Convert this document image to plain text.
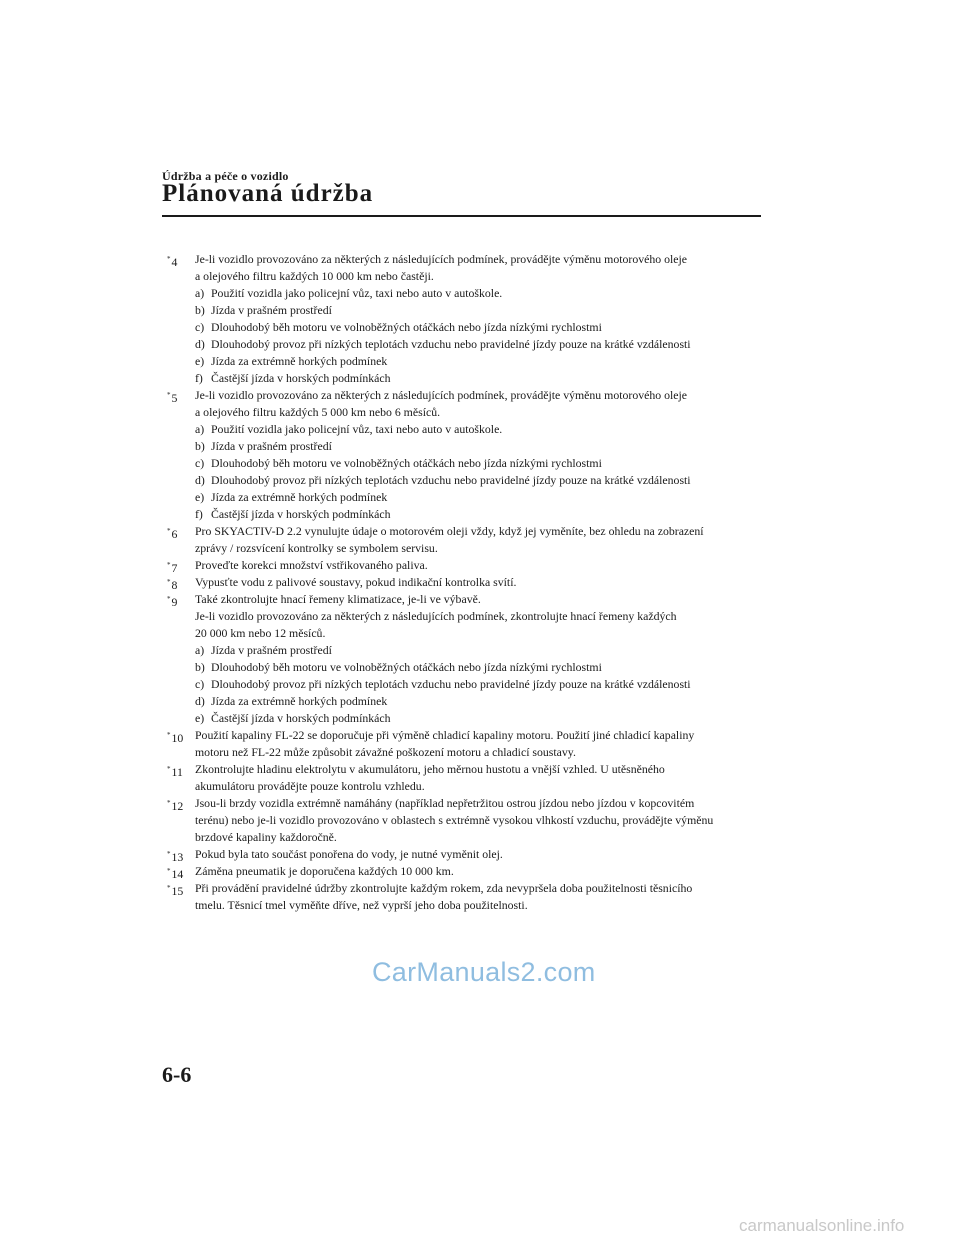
Údržba a péče o vozidlo
Plánovaná údržba
*4 Je-li vozidlo provozováno za některých z následujících podmínek, provádějte výměnu motorového oleje
a olejového filtru každých 10 000 km nebo častěji.
a) Použití vozidla jako policejní vůz, taxi nebo auto v autoškole.
b) Jízda v prašném prostředí
c) Dlouhodobý běh motoru ve volnoběžných otáčkách nebo jízda nízkými rychlostmi
d) Dlouhodobý provoz při nízkých teplotách vzduchu nebo pravidelné jízdy pouze na krátké vzdálenosti
e) Jízda za extrémně horkých podmínek
f) Častější jízda v horských podmínkách
*5 Je-li vozidlo provozováno za některých z následujících podmínek, provádějte výměnu motorového oleje
a olejového filtru každých 5 000 km nebo 6 měsíců.
a) Použití vozidla jako policejní vůz, taxi nebo auto v autoškole.
b) Jízda v prašném prostředí
c) Dlouhodobý běh motoru ve volnoběžných otáčkách nebo jízda nízkými rychlostmi
d) Dlouhodobý provoz při nízkých teplotách vzduchu nebo pravidelné jízdy pouze na krátké vzdálenosti
e) Jízda za extrémně horkých podmínek
f) Častější jízda v horských podmínkách
*6 Pro SKYACTIV-D 2.2 vynulujte údaje o motorovém oleji vždy, když jej vyměníte, bez ohledu na zobrazení
zprávy / rozsvícení kontrolky se symbolem servisu.
*7 Proveďte korekci množství vstřikovaného paliva.
*8 Vypusťte vodu z palivové soustavy, pokud indikační kontrolka svítí.
*9 Také zkontrolujte hnací řemeny klimatizace, je-li ve výbavě.
Je-li vozidlo provozováno za některých z následujících podmínek, zkontrolujte hnací řemeny každých
20 000 km nebo 12 měsíců.
a) Jízda v prašném prostředí
b) Dlouhodobý běh motoru ve volnoběžných otáčkách nebo jízda nízkými rychlostmi
c) Dlouhodobý provoz při nízkých teplotách vzduchu nebo pravidelné jízdy pouze na krátké vzdálenosti
d) Jízda za extrémně horkých podmínek
e) Častější jízda v horských podmínkách
*10 Použití kapaliny FL-22 se doporučuje při výměně chladicí kapaliny motoru. Použití jiné chladicí kapaliny
motoru než FL-22 může způsobit závažné poškození motoru a chladicí soustavy.
*11 Zkontrolujte hladinu elektrolytu v akumulátoru, jeho měrnou hustotu a vnější vzhled. U utěsněného
akumulátoru provádějte pouze kontrolu vzhledu.
*12 Jsou-li brzdy vozidla extrémně namáhány (například nepřetržitou ostrou jízdou nebo jízdou v kopcovitém
terénu) nebo je-li vozidlo provozováno v oblastech s extrémně vysokou vlhkostí vzduchu, provádějte výměnu
brzdové kapaliny každoročně.
*13 Pokud byla tato součást ponořena do vody, je nutné vyměnit olej.
*14 Záměna pneumatik je doporučena každých 10 000 km.
*15 Při provádění pravidelné údržby zkontrolujte každým rokem, zda nevypršela doba použitelnosti těsnicího
tmelu. Těsnicí tmel vyměňte dříve, než vyprší jeho doba použitelnosti.
CarManuals2.com
6-6
carmanualsonline.info
